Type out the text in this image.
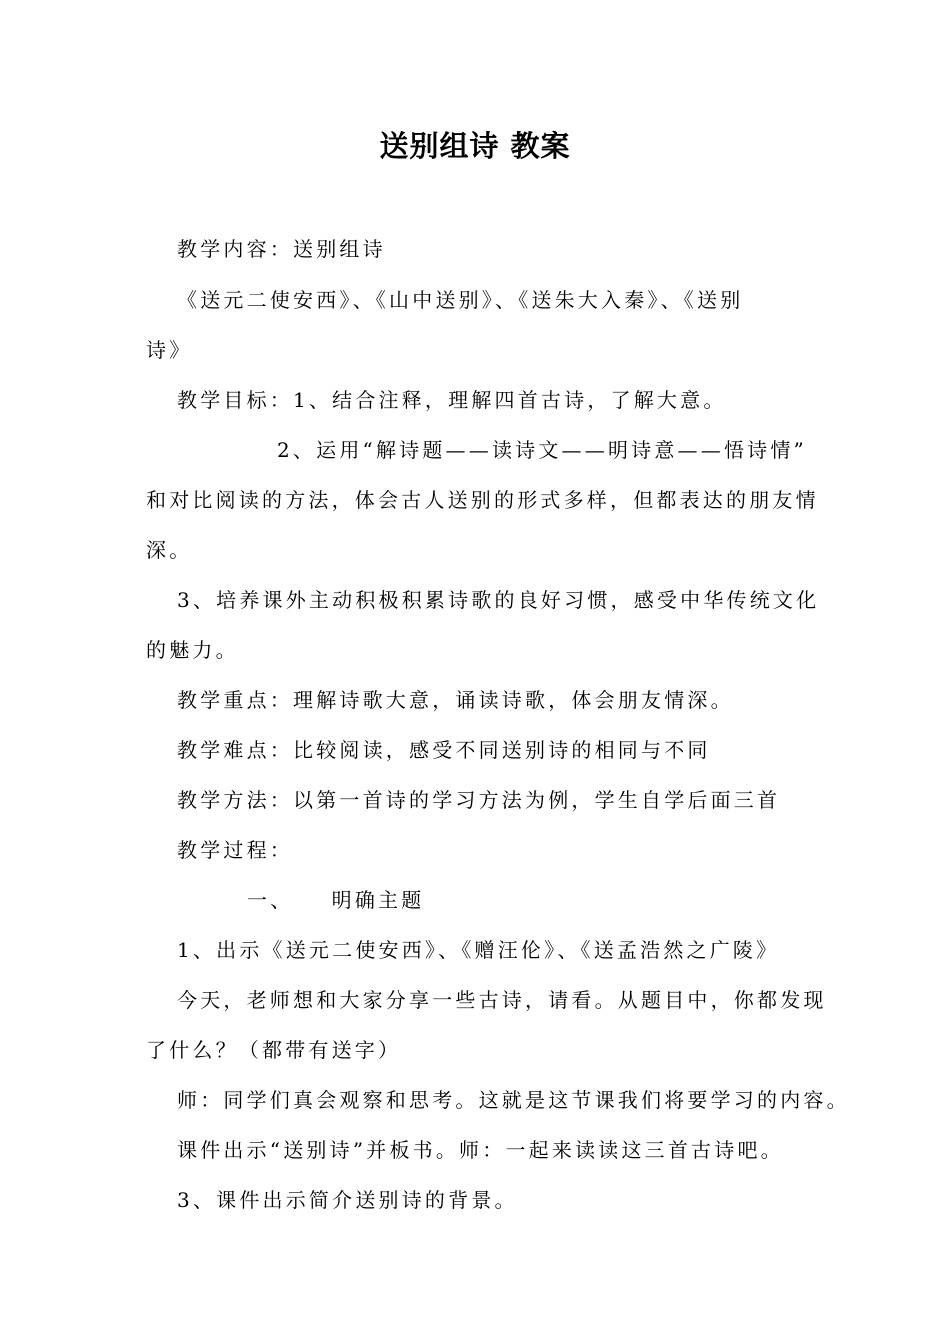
送别组诗 教案
教学内容：送别组诗
《送元二使安西》、《山中送别》、《送朱大入秦》、《送别
诗》
教学目标：1、结合注释，理解四首古诗，了解大意。
2、运用“解诗题——读诗文——明诗意——悟诗情”
和对比阅读的方法，体会古人送别的形式多样，但都表达的朋友情
深。
3、培养课外主动积极积累诗歌的良好习惯，感受中华传统文化
的魅力。
教学重点：理解诗歌大意，诵读诗歌，体会朋友情深。
教学难点：比较阅读，感受不同送别诗的相同与不同
教学方法：以第一首诗的学习方法为例，学生自学后面三首
教学过程：
一、    明确主题
1、出示《送元二使安西》、《赠汪伦》、《送孟浩然之广陵》
今天，老师想和大家分享一些古诗，请看。从题目中，你都发现
了什么？（都带有送字）
师：同学们真会观察和思考。这就是这节课我们将要学习的内容。
课件出示“送别诗”并板书。师：一起来读读这三首古诗吧。
3、课件出示简介送别诗的背景。
